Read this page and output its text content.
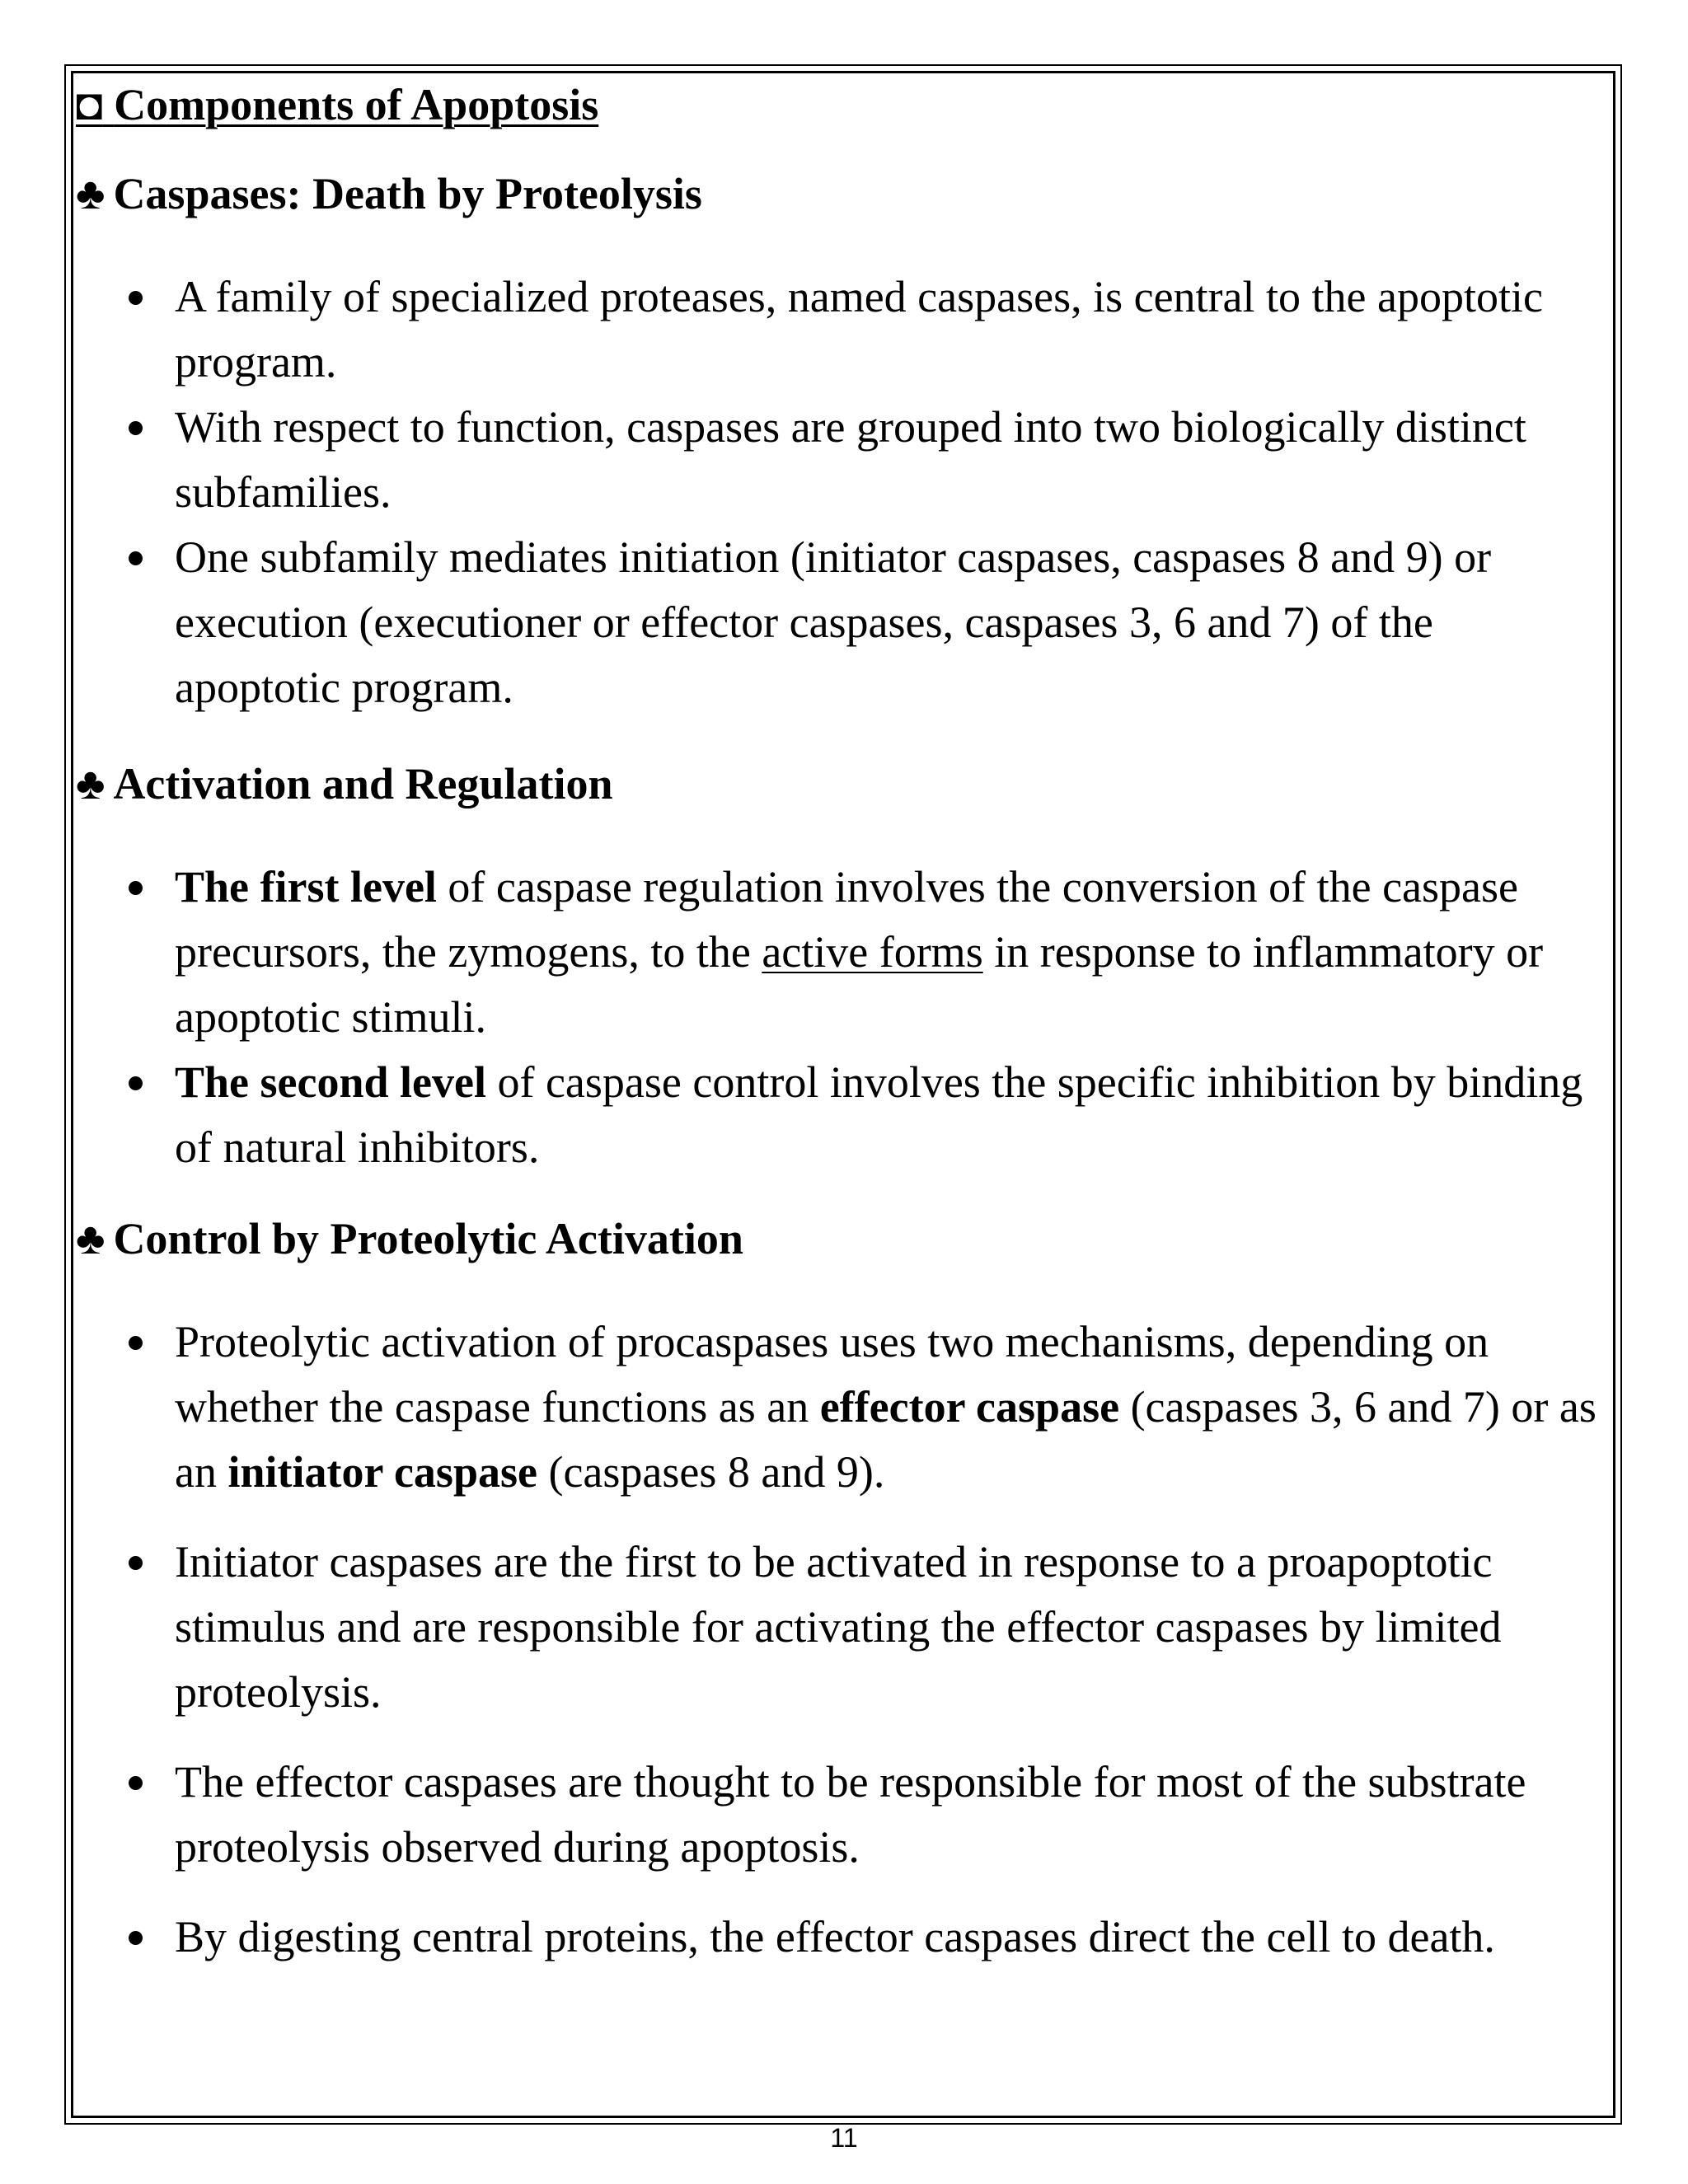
◘ Components of Apoptosis
♣ Caspases: Death by Proteolysis
A family of specialized proteases, named caspases, is central to the apoptotic program.
With respect to function, caspases are grouped into two biologically distinct subfamilies.
One subfamily mediates initiation (initiator caspases, caspases 8 and 9) or execution (executioner or effector caspases, caspases 3, 6 and 7) of the apoptotic program.
♣ Activation and Regulation
The first level of caspase regulation involves the conversion of the caspase precursors, the zymogens, to the active forms in response to inflammatory or apoptotic stimuli.
The second level of caspase control involves the specific inhibition by binding of natural inhibitors.
♣ Control by Proteolytic Activation
Proteolytic activation of procaspases uses two mechanisms, depending on whether the caspase functions as an effector caspase (caspases 3, 6 and 7) or as an initiator caspase (caspases 8 and 9).
Initiator caspases are the first to be activated in response to a proapoptotic stimulus and are responsible for activating the effector caspases by limited proteolysis.
The effector caspases are thought to be responsible for most of the substrate proteolysis observed during apoptosis.
By digesting central proteins, the effector caspases direct the cell to death.
11
